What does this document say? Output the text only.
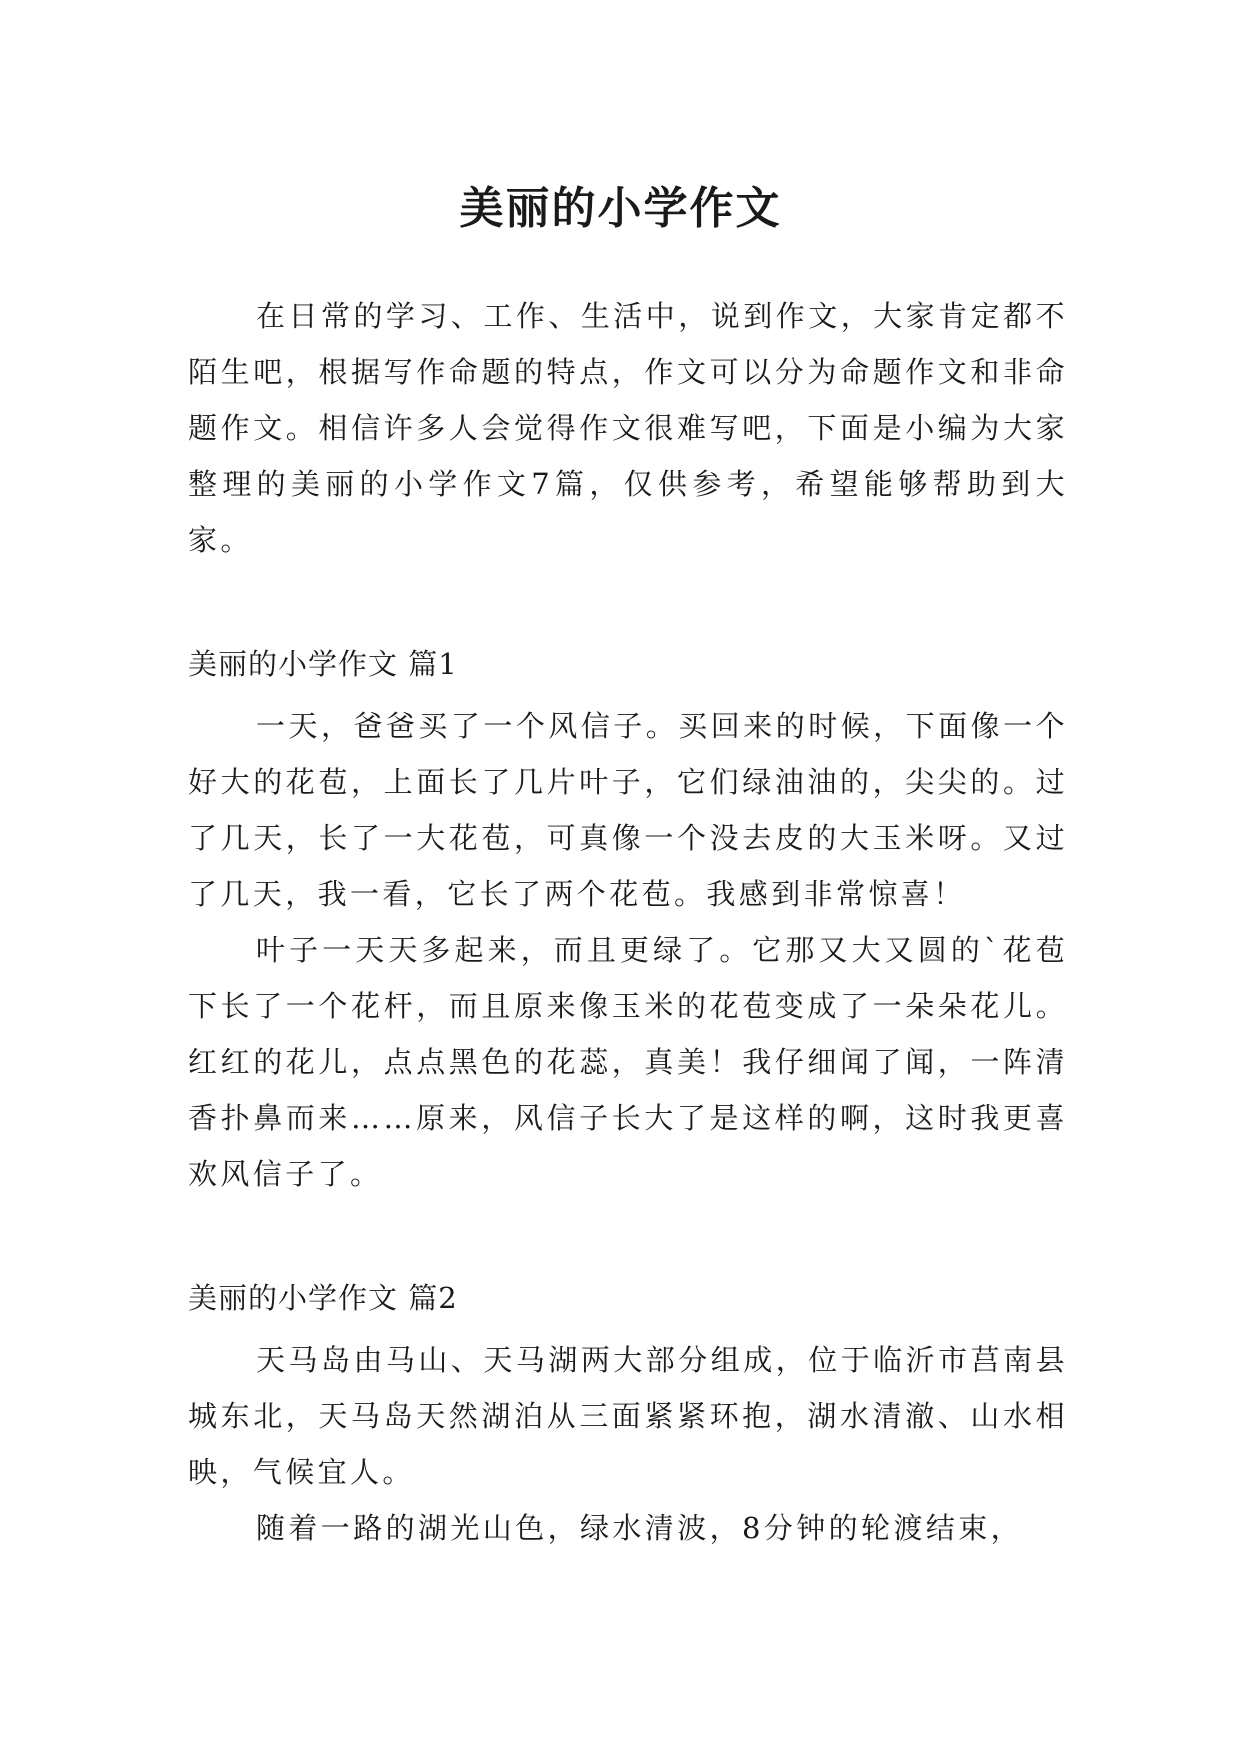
美丽的小学作文

在日常的学习、工作、生活中，说到作文，大家肯定都不陌生吧，根据写作命题的特点，作文可以分为命题作文和非命题作文。相信许多人会觉得作文很难写吧，下面是小编为大家整理的美丽的小学作文7篇，仅供参考，希望能够帮助到大家。

美丽的小学作文 篇1

一天，爸爸买了一个风信子。买回来的时候，下面像一个好大的花苞，上面长了几片叶子，它们绿油油的，尖尖的。过了几天，长了一大花苞，可真像一个没去皮的大玉米呀。又过了几天，我一看，它长了两个花苞。我感到非常惊喜！

叶子一天天多起来，而且更绿了。它那又大又圆的`花苞下长了一个花杆，而且原来像玉米的花苞变成了一朵朵花儿。红红的花儿，点点黑色的花蕊，真美！我仔细闻了闻，一阵清香扑鼻而来……原来，风信子长大了是这样的啊，这时我更喜欢风信子了。

美丽的小学作文 篇2

天马岛由马山、天马湖两大部分组成，位于临沂市莒南县城东北，天马岛天然湖泊从三面紧紧环抱，湖水清澈、山水相映，气候宜人。

随着一路的湖光山色，绿水清波，8分钟的轮渡结束，
